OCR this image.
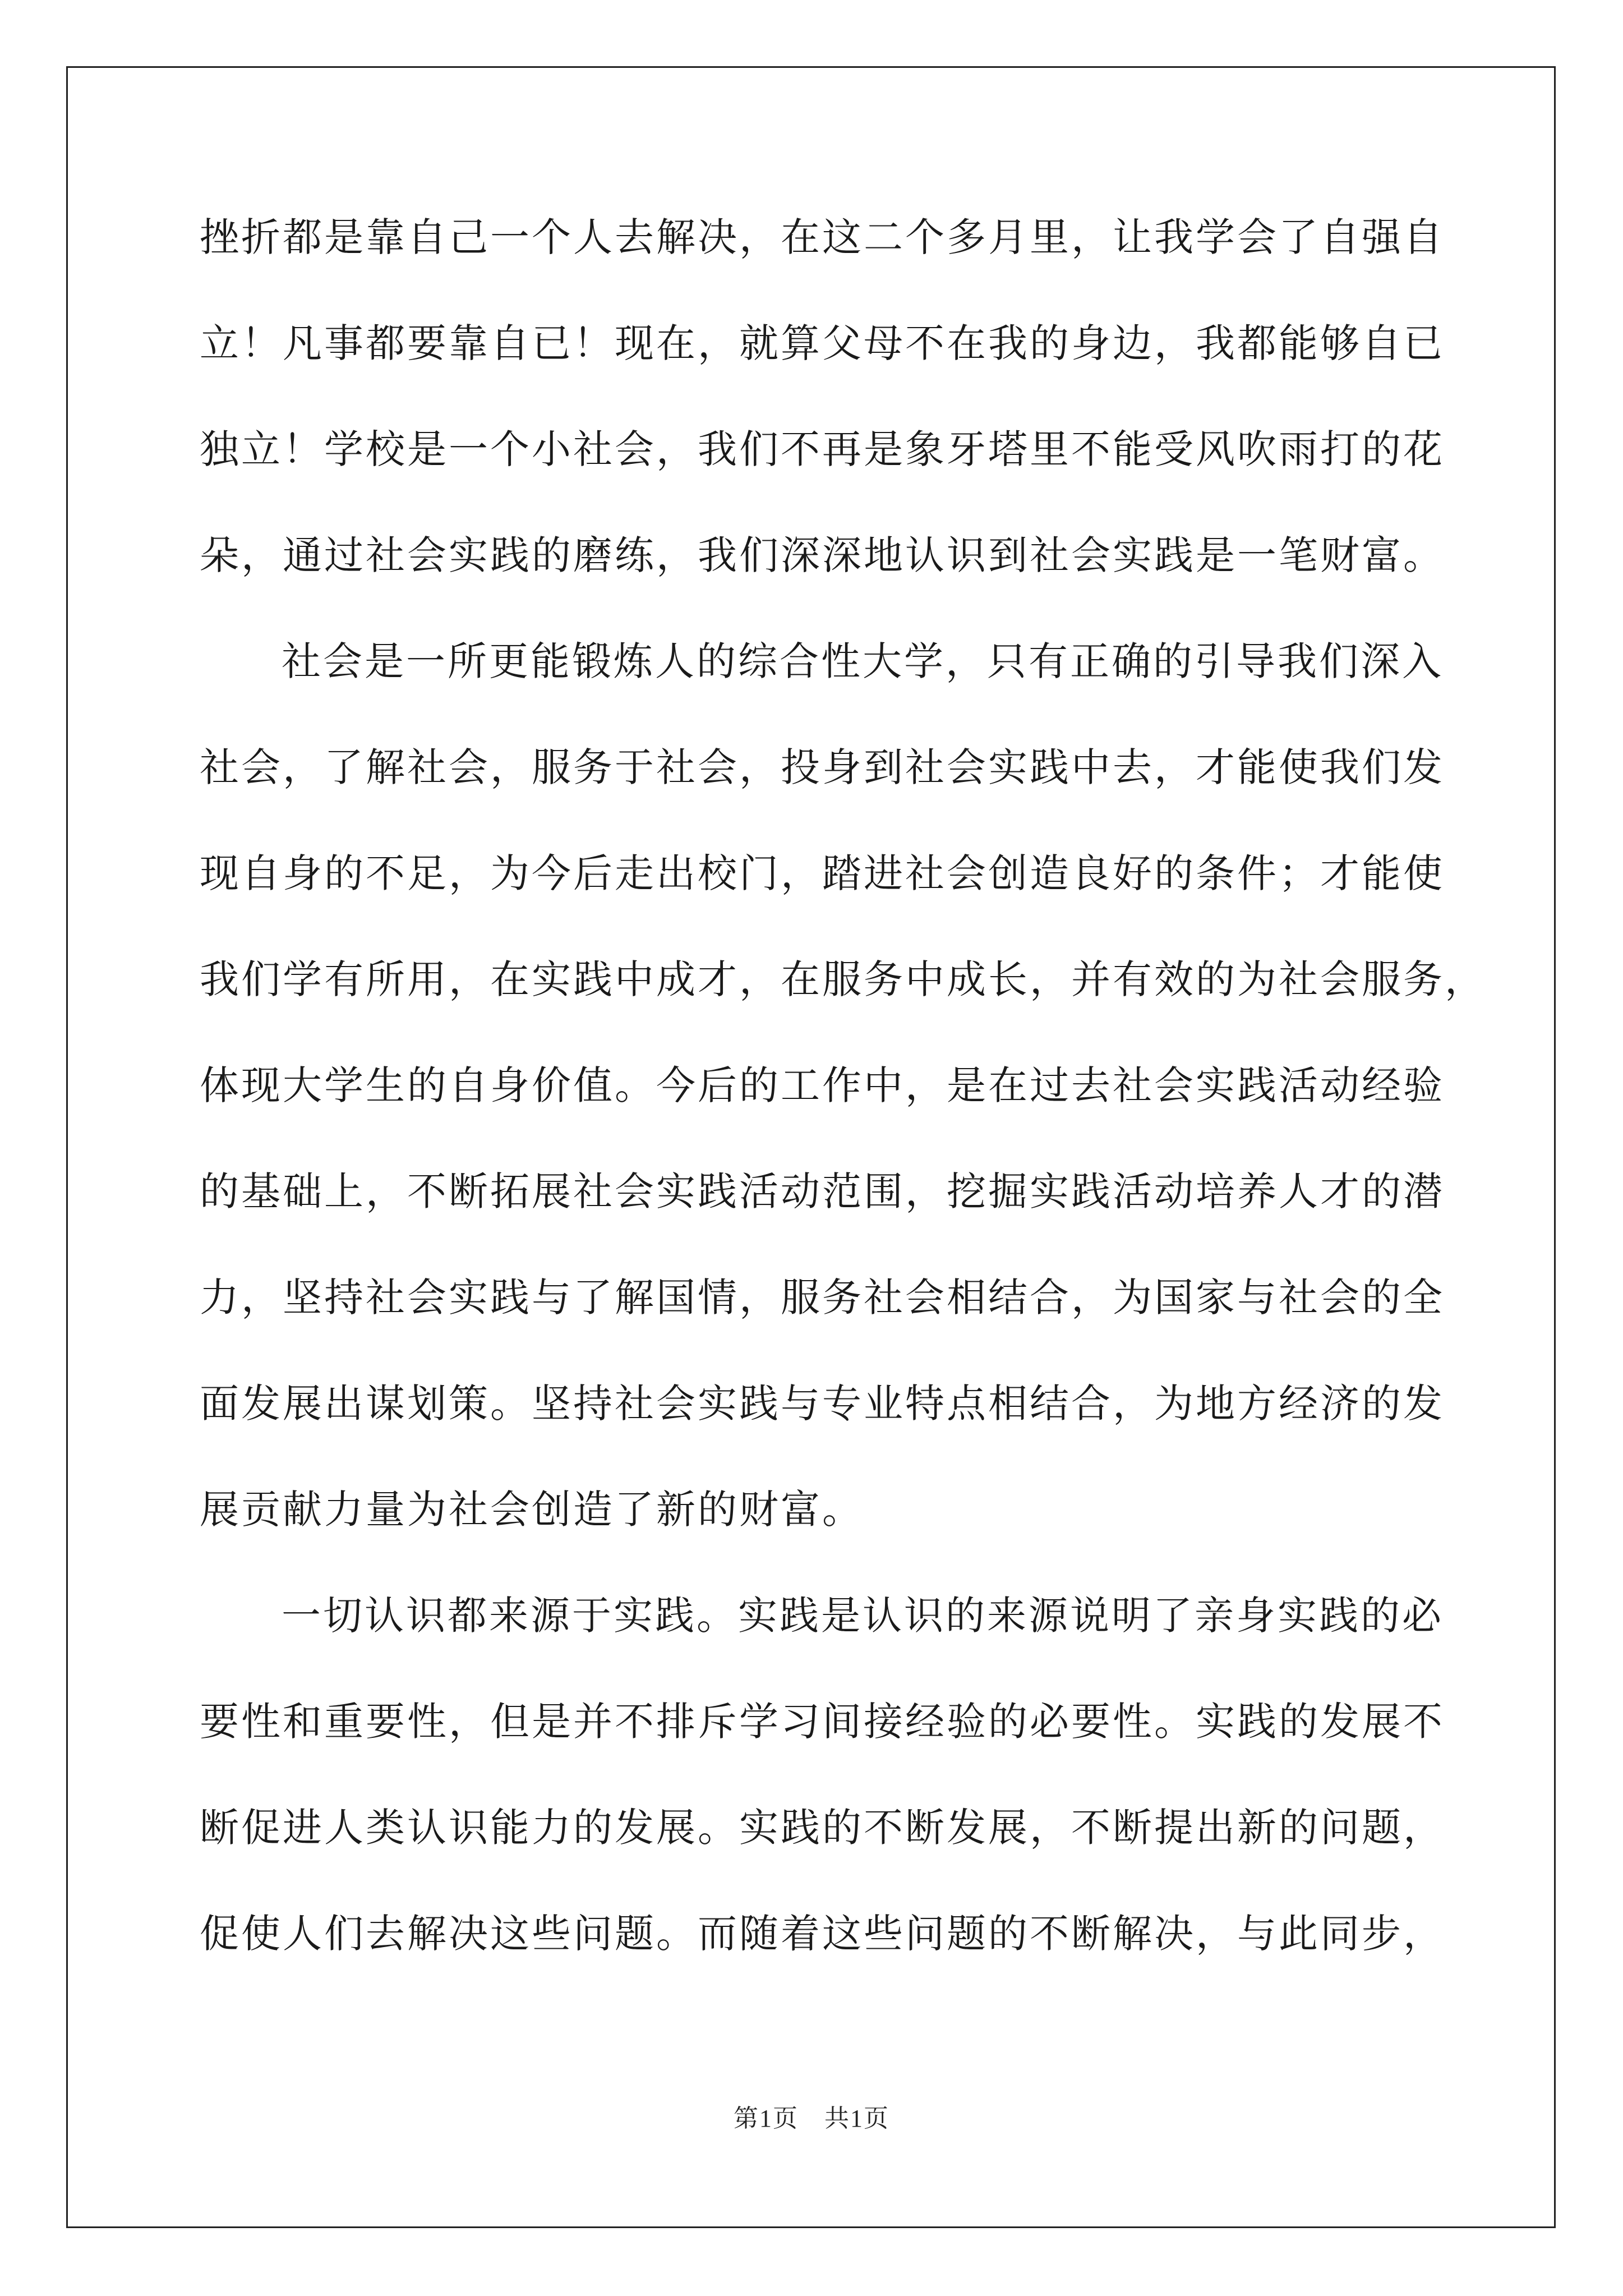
挫折都是靠自己一个人去解决，在这二个多月里，让我学会了自强自
立！凡事都要靠自已！现在，就算父母不在我的身边，我都能够自已
独立！学校是一个小社会，我们不再是象牙塔里不能受风吹雨打的花
朵，通过社会实践的磨练，我们深深地认识到社会实践是一笔财富。
社会是一所更能锻炼人的综合性大学，只有正确的引导我们深入
社会，了解社会，服务于社会，投身到社会实践中去，才能使我们发
现自身的不足，为今后走出校门，踏进社会创造良好的条件；才能使
我们学有所用，在实践中成才，在服务中成长，并有效的为社会服务，
体现大学生的自身价值。今后的工作中，是在过去社会实践活动经验
的基础上，不断拓展社会实践活动范围，挖掘实践活动培养人才的潜
力，坚持社会实践与了解国情，服务社会相结合，为国家与社会的全
面发展出谋划策。坚持社会实践与专业特点相结合，为地方经济的发
展贡献力量为社会创造了新的财富。
一切认识都来源于实践。实践是认识的来源说明了亲身实践的必
要性和重要性，但是并不排斥学习间接经验的必要性。实践的发展不
断促进人类认识能力的发展。实践的不断发展，不断提出新的问题，
促使人们去解决这些问题。而随着这些问题的不断解决，与此同步，
第1页　共1页
